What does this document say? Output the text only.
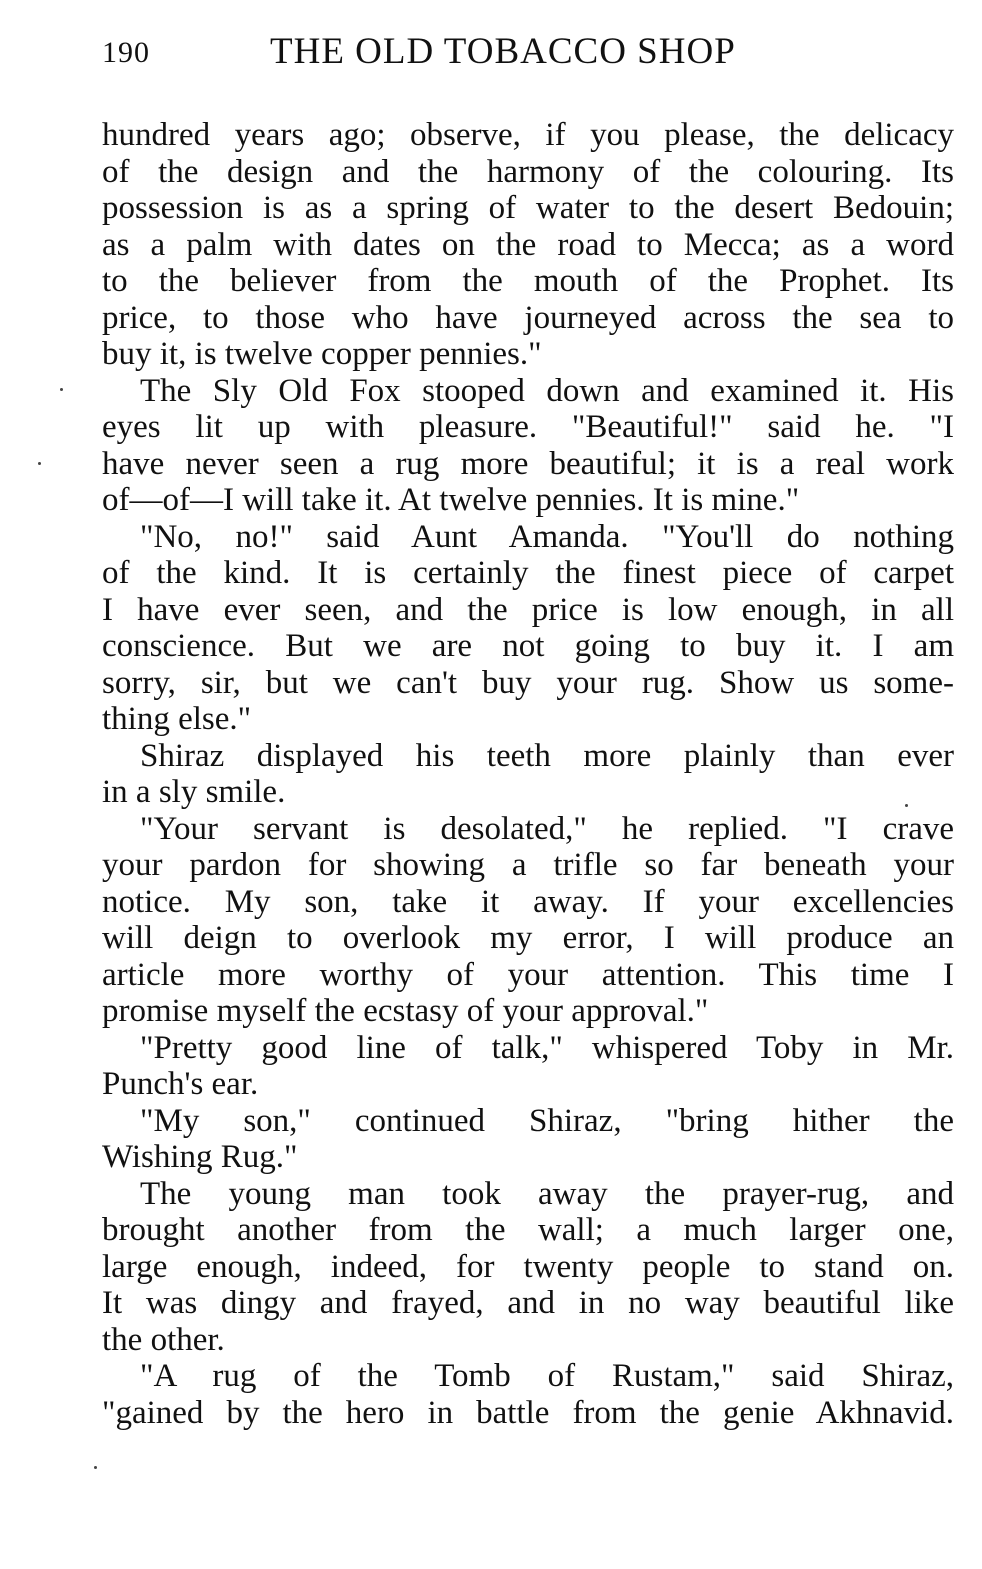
190	THE OLD TOBACCO SHOP
hundred years ago; observe, if you please, the delicacy
of the design and the harmony of the colouring. Its
possession is as a spring of water to the desert Bedouin;
as a palm with dates on the road to Mecca; as a word
to the believer from the mouth of the Prophet. Its
price, to those who have journeyed across the sea to
buy it, is twelve copper pennies."
The Sly Old Fox stooped down and examined it. His
eyes lit up with pleasure. "Beautiful!" said he. "I
have never seen a rug more beautiful; it is a real work
of—of—I will take it. At twelve pennies. It is mine."
"No, no!" said Aunt Amanda. "You'll do nothing
of the kind. It is certainly the finest piece of carpet
I have ever seen, and the price is low enough, in all
conscience. But we are not going to buy it. I am
sorry, sir, but we can't buy your rug. Show us some-
thing else."
Shiraz displayed his teeth more plainly than ever
in a sly smile.
"Your servant is desolated," he replied. "I crave
your pardon for showing a trifle so far beneath your
notice. My son, take it away. If your excellencies
will deign to overlook my error, I will produce an
article more worthy of your attention. This time I
promise myself the ecstasy of your approval."
"Pretty good line of talk," whispered Toby in Mr.
Punch's ear.
"My son," continued Shiraz, "bring hither the
Wishing Rug."
The young man took away the prayer-rug, and
brought another from the wall; a much larger one,
large enough, indeed, for twenty people to stand on.
It was dingy and frayed, and in no way beautiful like
the other.
"A rug of the Tomb of Rustam," said Shiraz,
"gained by the hero in battle from the genie Akhnavid.
